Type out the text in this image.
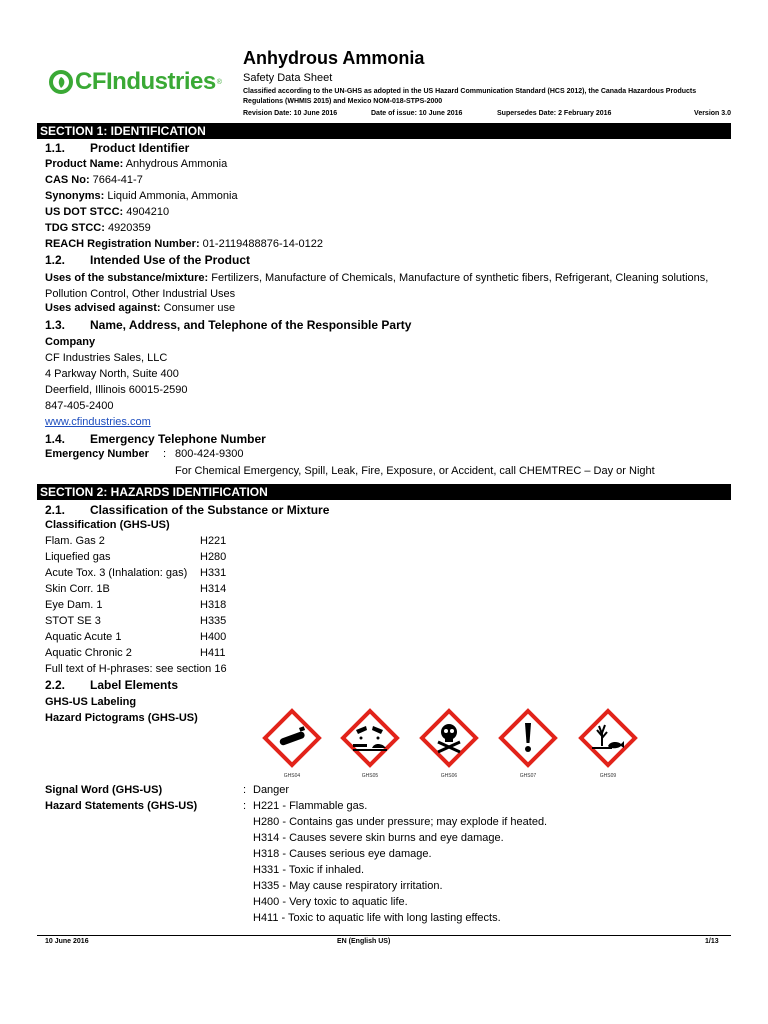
CFIndustries ®
Anhydrous Ammonia
Safety Data Sheet
Classified according to the UN-GHS as adopted in the US Hazard Communication Standard (HCS 2012), the Canada Hazardous Products Regulations (WHMIS 2015) and Mexico NOM-018-STPS-2000
Revision Date: 10 June 2016	Date of issue: 10 June 2016	Supersedes Date: 2 February 2016	Version 3.0
SECTION 1: IDENTIFICATION
1.1. Product Identifier
Product Name: Anhydrous Ammonia
CAS No: 7664-41-7
Synonyms: Liquid Ammonia, Ammonia
US DOT STCC: 4904210
TDG STCC: 4920359
REACH Registration Number: 01-2119488876-14-0122
1.2. Intended Use of the Product
Uses of the substance/mixture: Fertilizers, Manufacture of Chemicals, Manufacture of synthetic fibers, Refrigerant, Cleaning solutions, Pollution Control, Other Industrial Uses
Uses advised against: Consumer use
1.3. Name, Address, and Telephone of the Responsible Party
Company
CF Industries Sales, LLC
4 Parkway North, Suite 400
Deerfield, Illinois 60015-2590
847-405-2400
www.cfindustries.com
1.4. Emergency Telephone Number
Emergency Number : 800-424-9300
For Chemical Emergency, Spill, Leak, Fire, Exposure, or Accident, call CHEMTREC – Day or Night
SECTION 2: HAZARDS IDENTIFICATION
2.1. Classification of the Substance or Mixture
Classification (GHS-US)
Flam. Gas 2	H221
Liquefied gas	H280
Acute Tox. 3 (Inhalation: gas) H331
Skin Corr. 1B	H314
Eye Dam. 1	H318
STOT SE 3	H335
Aquatic Acute 1	H400
Aquatic Chronic 2	H411
Full text of H-phrases: see section 16
2.2. Label Elements
GHS-US Labeling
Hazard Pictograms (GHS-US)
GHS04	GHS05	GHS06	GHS07	GHS09
Signal Word (GHS-US)	: Danger
Hazard Statements (GHS-US)	: H221 - Flammable gas.
H280 - Contains gas under pressure; may explode if heated.
H314 - Causes severe skin burns and eye damage.
H318 - Causes serious eye damage.
H331 - Toxic if inhaled.
H335 - May cause respiratory irritation.
H400 - Very toxic to aquatic life.
H411 - Toxic to aquatic life with long lasting effects.
10 June 2016	EN (English US)	1/13
